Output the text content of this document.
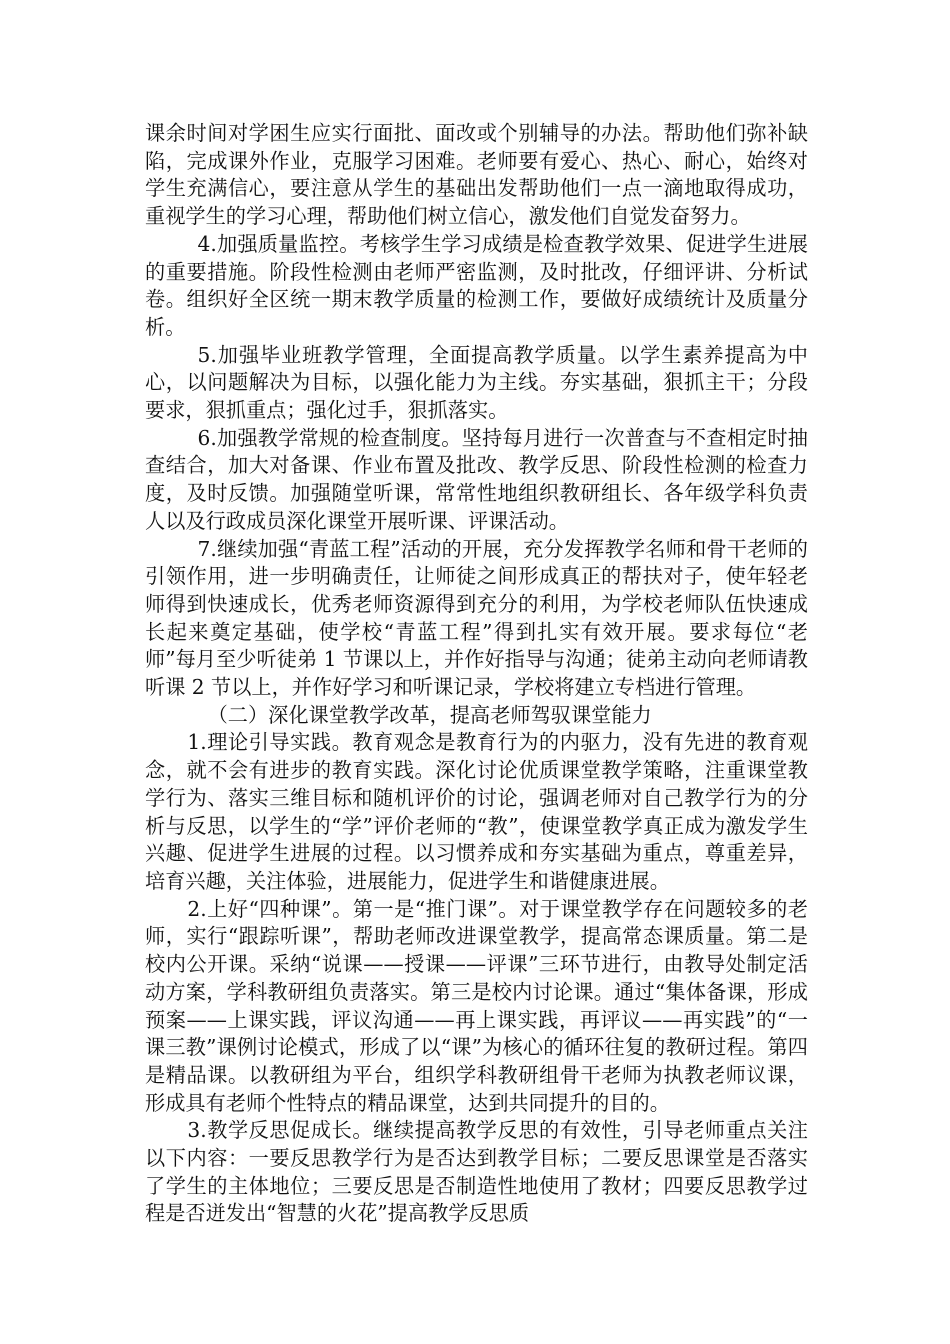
课余时间对学困生应实行面批、面改或个别辅导的办法。帮助他们弥补缺陷，完成课外作业，克服学习困难。老师要有爱心、热心、耐心，始终对学生充满信心，要注意从学生的基础出发帮助他们一点一滴地取得成功，重视学生的学习心理，帮助他们树立信心，激发他们自觉发奋努力。

4.加强质量监控。考核学生学习成绩是检查教学效果、促进学生进展的重要措施。阶段性检测由老师严密监测，及时批改，仔细评讲、分析试卷。组织好全区统一期末教学质量的检测工作，要做好成绩统计及质量分析。

5.加强毕业班教学管理，全面提高教学质量。以学生素养提高为中心，以问题解决为目标，以强化能力为主线。夯实基础，狠抓主干；分段要求，狠抓重点；强化过手，狠抓落实。

6.加强教学常规的检查制度。坚持每月进行一次普查与不查相定时抽查结合，加大对备课、作业布置及批改、教学反思、阶段性检测的检查力度，及时反馈。加强随堂听课，常常性地组织教研组长、各年级学科负责人以及行政成员深化课堂开展听课、评课活动。

7.继续加强“青蓝工程”活动的开展，充分发挥教学名师和骨干老师的引领作用，进一步明确责任，让师徒之间形成真正的帮扶对子，使年轻老师得到快速成长，优秀老师资源得到充分的利用，为学校老师队伍快速成长起来奠定基础，使学校“青蓝工程”得到扎实有效开展。要求每位“老师”每月至少听徒弟 1 节课以上，并作好指导与沟通；徒弟主动向老师请教听课 2 节以上，并作好学习和听课记录，学校将建立专档进行管理。

（二）深化课堂教学改革，提高老师驾驭课堂能力

1.理论引导实践。教育观念是教育行为的内驱力，没有先进的教育观念，就不会有进步的教育实践。深化讨论优质课堂教学策略，注重课堂教学行为、落实三维目标和随机评价的讨论，强调老师对自己教学行为的分析与反思，以学生的“学”评价老师的“教”，使课堂教学真正成为激发学生兴趣、促进学生进展的过程。以习惯养成和夯实基础为重点，尊重差异，培育兴趣，关注体验，进展能力，促进学生和谐健康进展。

2.上好“四种课”。第一是“推门课”。对于课堂教学存在问题较多的老师，实行“跟踪听课”，帮助老师改进课堂教学，提高常态课质量。第二是校内公开课。采纳“说课——授课——评课”三环节进行，由教导处制定活动方案，学科教研组负责落实。第三是校内讨论课。通过“集体备课，形成预案——上课实践，评议沟通——再上课实践，再评议——再实践”的“一课三教”课例讨论模式，形成了以“课”为核心的循环往复的教研过程。第四是精品课。以教研组为平台，组织学科教研组骨干老师为执教老师议课，形成具有老师个性特点的精品课堂，达到共同提升的目的。

3.教学反思促成长。继续提高教学反思的有效性，引导老师重点关注以下内容：一要反思教学行为是否达到教学目标；二要反思课堂是否落实了学生的主体地位；三要反思是否制造性地使用了教材；四要反思教学过程是否迸发出“智慧的火花”提高教学反思质
